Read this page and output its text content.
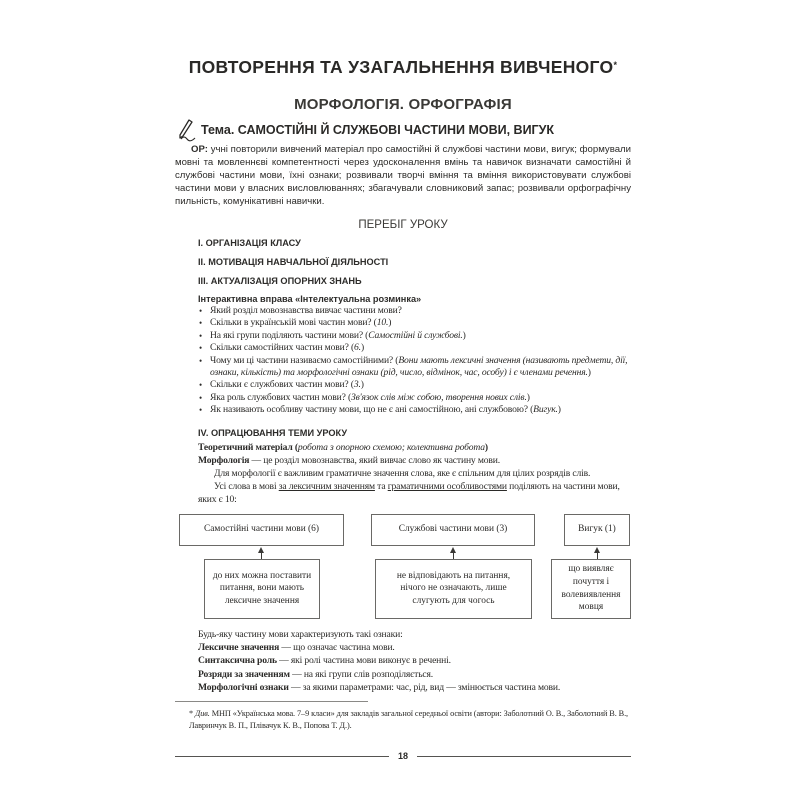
ПОВТОРЕННЯ ТА УЗАГАЛЬНЕННЯ ВИВЧЕНОГО*
МОРФОЛОГІЯ. ОРФОГРАФІЯ
Тема. САМОСТІЙНІ Й СЛУЖБОВІ ЧАСТИНИ МОВИ, ВИГУК
ОР: учні повторили вивчений матеріал про самостійні й службові частини мови, вигук; формували мовні та мовленнєві компетентності через удосконалення вмінь та навичок визначати самостійні й службові частини мови, їхні ознаки; розвивали творчі вміння та вміння використовувати службові частини мови у власних висловлюваннях; збагачували словниковий запас; розвивали орфографічну пильність, комунікативні навички.
ПЕРЕБІГ УРОКУ
I. ОРГАНІЗАЦІЯ КЛАСУ
II. МОТИВАЦІЯ НАВЧАЛЬНОЇ ДІЯЛЬНОСТІ
III. АКТУАЛІЗАЦІЯ ОПОРНИХ ЗНАНЬ
Інтерактивна вправа «Інтелектуальна розминка»
• Який розділ мовознавства вивчає частини мови?
• Скільки в українській мові частин мови? (10.)
• На які групи поділяють частини мови? (Самостійні й службові.)
• Скільки самостійних частин мови? (6.)
• Чому ми ці частини називаємо самостійними? (Вони мають лексичні значення (називають предмети, дії, ознаки, кількість) та морфологічні ознаки (рід, число, відмінок, час, особу) і є членами речення.)
• Скільки є службових частин мови? (3.)
• Яка роль службових частин мови? (Зв'язок слів між собою, творення нових слів.)
• Як називають особливу частину мови, що не є ані самостійною, ані службовою? (Вигук.)
IV. ОПРАЦЮВАННЯ ТЕМИ УРОКУ
Теоретичний матеріал (робота з опорною схемою; колективна робота)
Морфологія — це розділ мовознавства, який вивчає слово як частину мови.
Для морфології є важливим граматичне значення слова, яке є спільним для цілих розрядів слів.
Усі слова в мові за лексичним значенням та граматичними особливостями поділяють на частини мови, яких є 10:
Самостійні частини мови (6)	Службові частини мови (3)	Вигук (1)
до них можна поставити питання, вони мають лексичне значення
не відповідають на питання, нічого не означають, лише слугують для чогось
що виявляє почуття і волевиявлення мовця
Будь-яку частину мови характеризують такі ознаки:
Лексичне значення — що означає частина мови.
Синтаксична роль — які ролі частина мови виконує в реченні.
Розряди за значенням — на які групи слів розподіляється.
Морфологічні ознаки — за якими параметрами: час, рід, вид — змінюється частина мови.
* Див. МНП «Українська мова. 7–9 класи» для закладів загальної середньої освіти (автори: Заболотний О. В., Заболотний В. В., Лавринчук В. П., Плівачук К. В., Попова Т. Д.).
18
